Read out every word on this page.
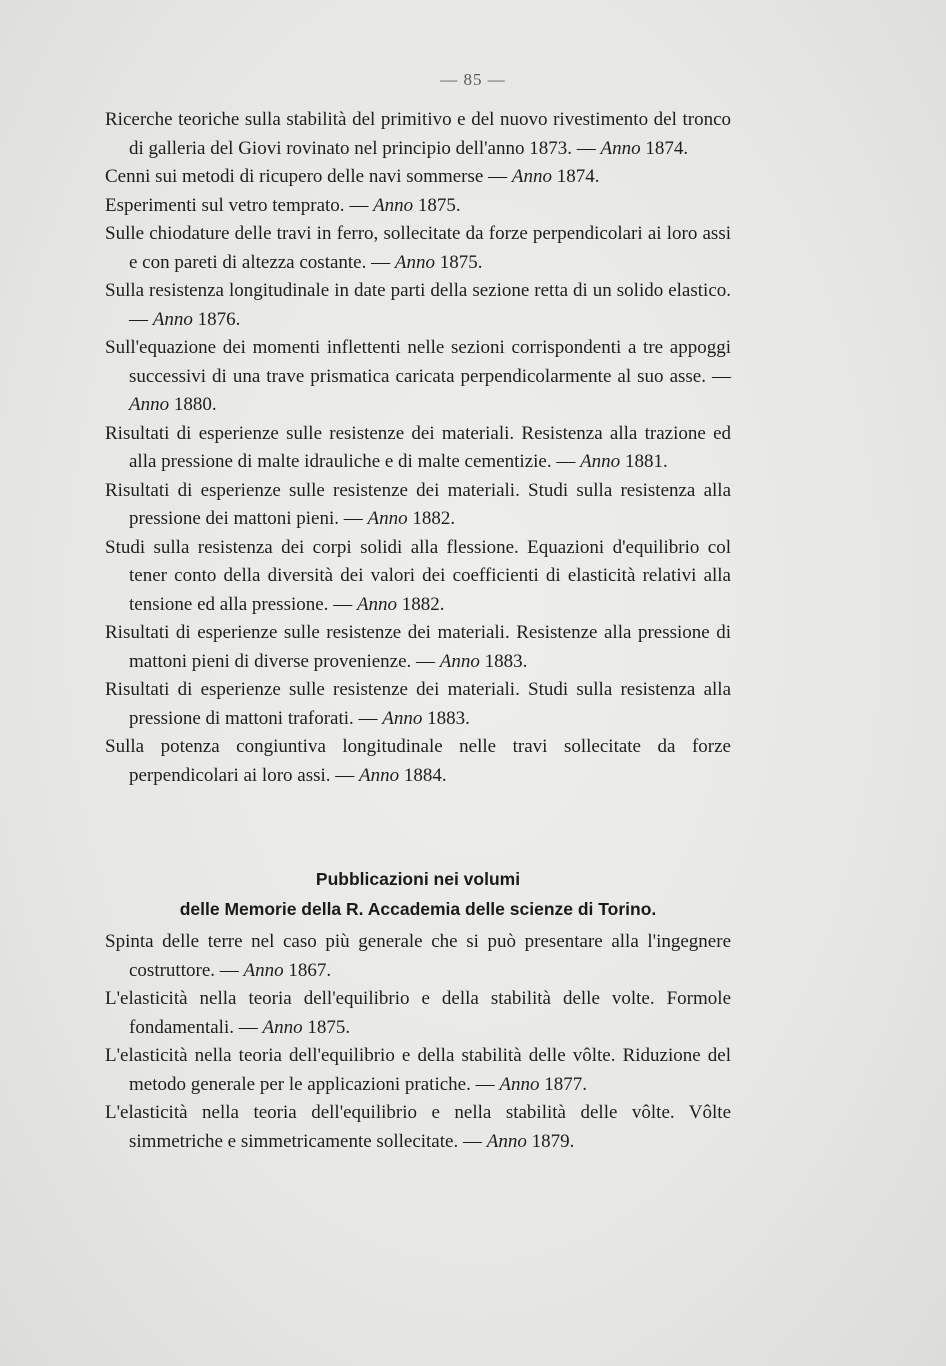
— 85 —
Ricerche teoriche sulla stabilità del primitivo e del nuovo rivestimento del tronco di galleria del Giovi rovinato nel principio dell'anno 1873. — Anno 1874.
Cenni sui metodi di ricupero delle navi sommerse — Anno 1874.
Esperimenti sul vetro temprato. — Anno 1875.
Sulle chiodature delle travi in ferro, sollecitate da forze perpendicolari ai loro assi e con pareti di altezza costante. — Anno 1875.
Sulla resistenza longitudinale in date parti della sezione retta di un solido elastico. — Anno 1876.
Sull'equazione dei momenti inflettenti nelle sezioni corrispondenti a tre appoggi successivi di una trave prismatica caricata perpendicolarmente al suo asse. — Anno 1880.
Risultati di esperienze sulle resistenze dei materiali. Resistenza alla trazione ed alla pressione di malte idrauliche e di malte cementizie. — Anno 1881.
Risultati di esperienze sulle resistenze dei materiali. Studi sulla resistenza alla pressione dei mattoni pieni. — Anno 1882.
Studi sulla resistenza dei corpi solidi alla flessione. Equazioni d'equilibrio col tener conto della diversità dei valori dei coefficienti di elasticità relativi alla tensione ed alla pressione. — Anno 1882.
Risultati di esperienze sulle resistenze dei materiali. Resistenze alla pressione di mattoni pieni di diverse provenienze. — Anno 1883.
Risultati di esperienze sulle resistenze dei materiali. Studi sulla resistenza alla pressione di mattoni traforati. — Anno 1883.
Sulla potenza congiuntiva longitudinale nelle travi sollecitate da forze perpendicolari ai loro assi. — Anno 1884.
Pubblicazioni nei volumi
delle Memorie della R. Accademia delle scienze di Torino.
Spinta delle terre nel caso più generale che si può presentare alla l'ingegnere costruttore. — Anno 1867.
L'elasticità nella teoria dell'equilibrio e della stabilità delle volte. Formole fondamentali. — Anno 1875.
L'elasticità nella teoria dell'equilibrio e della stabilità delle vôlte. Riduzione del metodo generale per le applicazioni pratiche. — Anno 1877.
L'elasticità nella teoria dell'equilibrio e nella stabilità delle vôlte. Vôlte simmetriche e simmetricamente sollecitate. — Anno 1879.
